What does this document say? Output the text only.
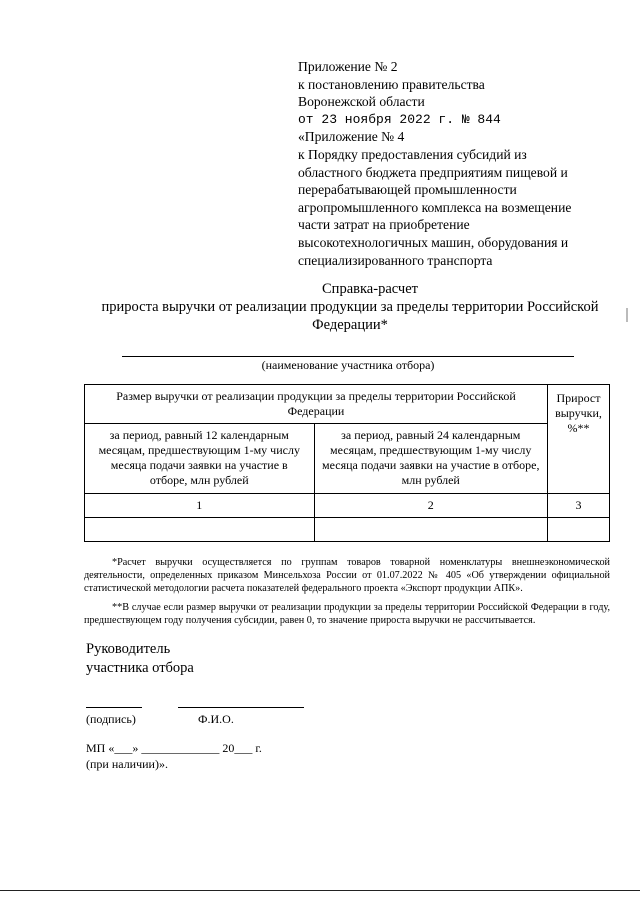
Приложение № 2
к постановлению правительства
Воронежской области
от 23 ноября 2022 г. № 844
«Приложение № 4
к Порядку предоставления субсидий из
областного бюджета предприятиям пищевой и
перерабатывающей промышленности
агропромышленного комплекса на возмещение
части затрат на приобретение
высокотехнологичных машин, оборудования и
специализированного транспорта
Справка-расчет
прироста выручки от реализации продукции за пределы территории Российской
Федерации*
(наименование участника отбора)
Размер выручки от реализации продукции за пределы территории Российской Федерации		Прирост выручки, %**
за период, равный 12 календарным месяцам, предшествующим 1-му числу месяца подачи заявки на участие в отборе, млн рублей	за период, равный 24 календарным месяцам, предшествующим 1-му числу месяца подачи заявки на участие в отборе, млн рублей	
1	2	3

*Расчет выручки осуществляется по группам товаров товарной номенклатуры внешнеэкономической деятельности, определенных приказом Минсельхоза России от 01.07.2022 № 405 «Об утверждении официальной статистической методологии расчета показателей федерального проекта «Экспорт продукции АПК».

**В случае если размер выручки от реализации продукции за пределы территории Российской Федерации в году, предшествующем году получения субсидии, равен 0, то значение прироста выручки не рассчитывается.

Руководитель
участника отбора
(подпись)	Ф.И.О.
МП «___» _____________ 20___ г.
(при наличии)».
